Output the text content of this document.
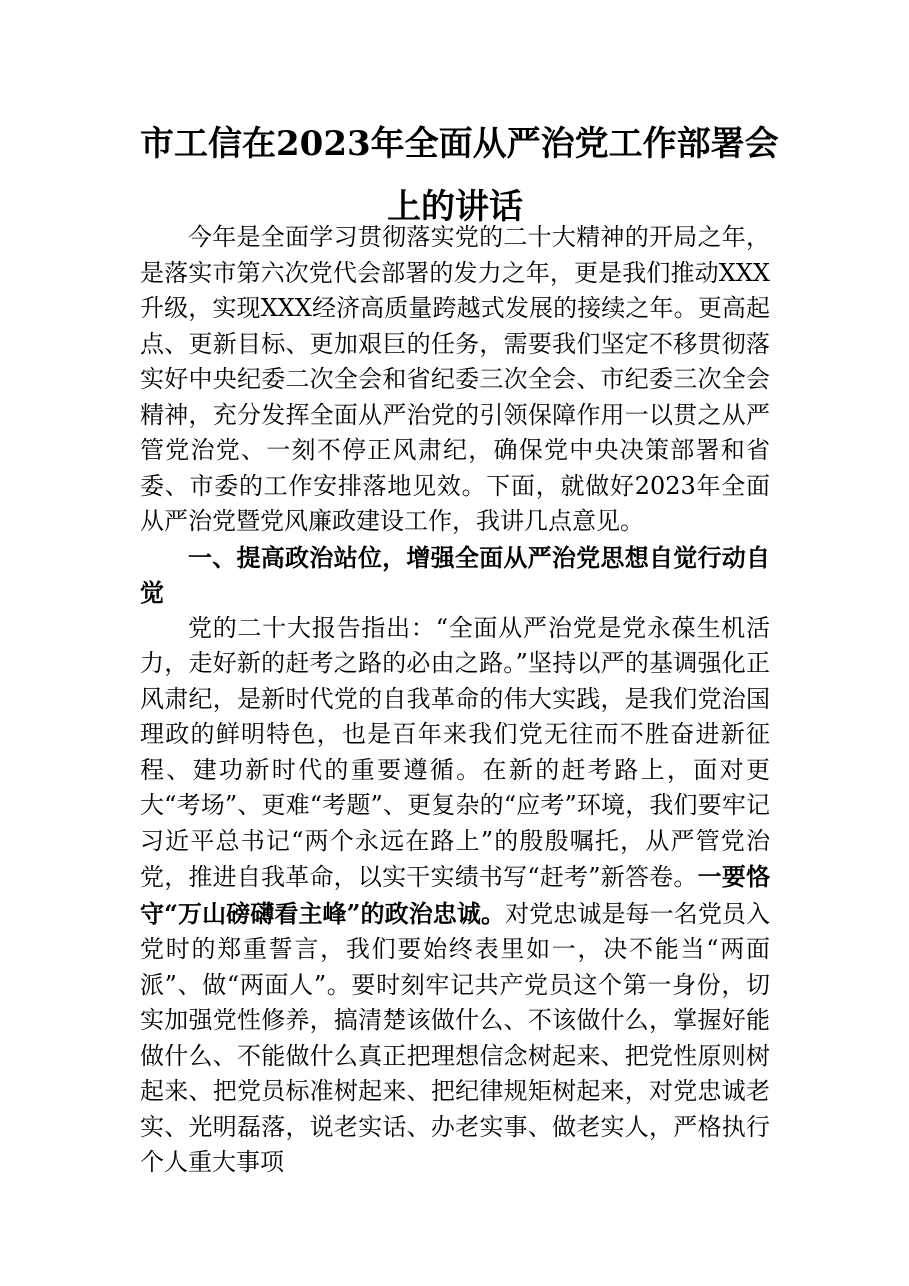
市工信在2023年全面从严治党工作部署会
上的讲话

今年是全面学习贯彻落实党的二十大精神的开局之年，是落实市第六次党代会部署的发力之年，更是我们推动XXX升级，实现XXX经济高质量跨越式发展的接续之年。更高起点、更新目标、更加艰巨的任务，需要我们坚定不移贯彻落实好中央纪委二次全会和省纪委三次全会、市纪委三次全会精神，充分发挥全面从严治党的引领保障作用一以贯之从严管党治党、一刻不停正风肃纪，确保党中央决策部署和省委、市委的工作安排落地见效。下面，就做好2023年全面从严治党暨党风廉政建设工作，我讲几点意见。

一、提高政治站位，增强全面从严治党思想自觉行动自觉

党的二十大报告指出：“全面从严治党是党永葆生机活力，走好新的赶考之路的必由之路。”坚持以严的基调强化正风肃纪，是新时代党的自我革命的伟大实践，是我们党治国理政的鲜明特色，也是百年来我们党无往而不胜奋进新征程、建功新时代的重要遵循。在新的赶考路上，面对更大“考场”、更难“考题”、更复杂的“应考”环境，我们要牢记习近平总书记“两个永远在路上”的殷殷嘱托，从严管党治党，推进自我革命，以实干实绩书写“赶考”新答卷。一要恪守“万山磅礴看主峰”的政治忠诚。对党忠诚是每一名党员入党时的郑重誓言，我们要始终表里如一，决不能当“两面派”、做“两面人”。要时刻牢记共产党员这个第一身份，切实加强党性修养，搞清楚该做什么、不该做什么，掌握好能做什么、不能做什么真正把理想信念树起来、把党性原则树起来、把党员标准树起来、把纪律规矩树起来，对党忠诚老实、光明磊落，说老实话、办老实事、做老实人，严格执行个人重大事项
